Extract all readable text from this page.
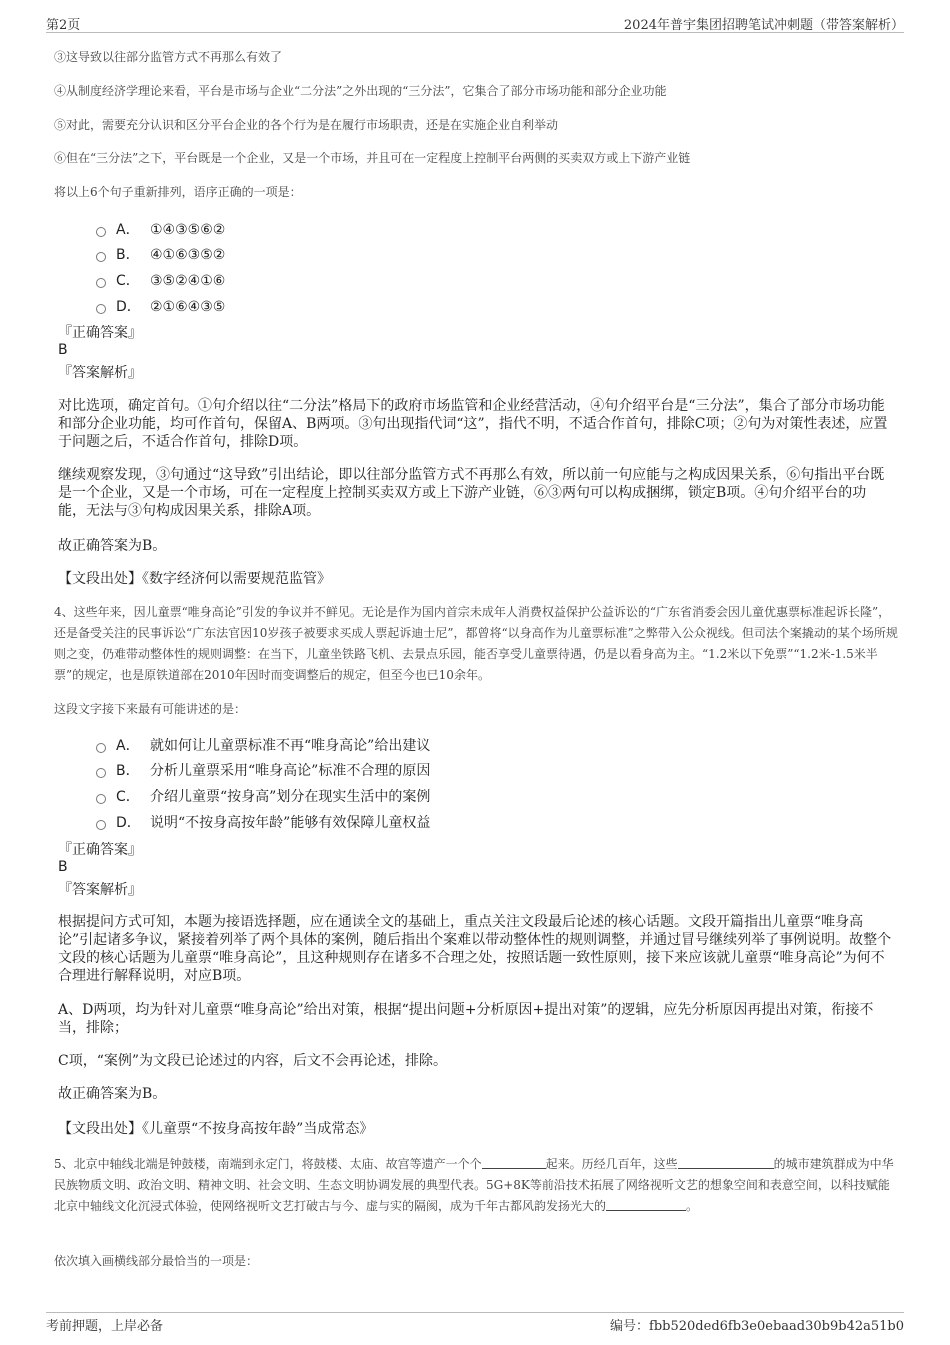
第2页	2024年普宇集团招聘笔试冲刺题（带答案解析）
③这导致以往部分监管方式不再那么有效了
④从制度经济学理论来看，平台是市场与企业“二分法”之外出现的“三分法”，它集合了部分市场功能和部分企业功能
⑤对此，需要充分认识和区分平台企业的各个行为是在履行市场职责，还是在实施企业自利举动
⑥但在“三分法”之下，平台既是一个企业，又是一个市场，并且可在一定程度上控制平台两侧的买卖双方或上下游产业链
将以上6个句子重新排列，语序正确的一项是：
A． ①④③⑤⑥②
B． ④①⑥③⑤②
C． ③⑤②④①⑥
D． ②①⑥④③⑤
『正确答案』
B
『答案解析』
对比选项，确定首句。①句介绍以往“二分法”格局下的政府市场监管和企业经营活动，④句介绍平台是“三分法”，集合了部分市场功能和部分企业功能，均可作首句，保留A、B两项。③句出现指代词“这”，指代不明，不适合作首句，排除C项；②句为对策性表述，应置于问题之后，不适合作首句，排除D项。
继续观察发现，③句通过“这导致”引出结论，即以往部分监管方式不再那么有效，所以前一句应能与之构成因果关系，⑥句指出平台既是一个企业，又是一个市场，可在一定程度上控制买卖双方或上下游产业链，⑥③两句可以构成捆绑，锁定B项。④句介绍平台的功能，无法与③句构成因果关系，排除A项。
故正确答案为B。
【文段出处】《数字经济何以需要规范监管》
4、这些年来，因儿童票“唯身高论”引发的争议并不鲜见。无论是作为国内首宗未成年人消费权益保护公益诉讼的“广东省消委会因儿童优惠票标准起诉长隆”，还是备受关注的民事诉讼“广东法官因10岁孩子被要求买成人票起诉迪士尼”，都曾将“以身高作为儿童票标准”之弊带入公众视线。但司法个案撬动的某个场所规则之变，仍难带动整体性的规则调整：在当下，儿童坐铁路飞机、去景点乐园，能否享受儿童票待遇，仍是以看身高为主。“1.2米以下免票”“1.2米-1.5米半票”的规定，也是原铁道部在2010年因时而变调整后的规定，但至今也已10余年。
这段文字接下来最有可能讲述的是：
A． 就如何让儿童票标准不再“唯身高论”给出建议
B． 分析儿童票采用“唯身高论”标准不合理的原因
C． 介绍儿童票“按身高”划分在现实生活中的案例
D． 说明“不按身高按年龄”能够有效保障儿童权益
『正确答案』
B
『答案解析』
根据提问方式可知，本题为接语选择题，应在通读全文的基础上，重点关注文段最后论述的核心话题。文段开篇指出儿童票“唯身高论”引起诸多争议，紧接着列举了两个具体的案例，随后指出个案难以带动整体性的规则调整，并通过冒号继续列举了事例说明。故整个文段的核心话题为儿童票“唯身高论”，且这种规则存在诸多不合理之处，按照话题一致性原则，接下来应该就儿童票“唯身高论”为何不合理进行解释说明，对应B项。
A、D两项，均为针对儿童票“唯身高论”给出对策，根据“提出问题+分析原因+提出对策”的逻辑，应先分析原因再提出对策，衔接不当，排除；
C项，“案例”为文段已论述过的内容，后文不会再论述，排除。
故正确答案为B。
【文段出处】《儿童票“不按身高按年龄”当成常态》
5、北京中轴线北端是钟鼓楼，南端到永定门，将鼓楼、太庙、故宫等遗产一个个	起来。历经几百年，这些	的城市建筑群成为中华民族物质文明、政治文明、精神文明、社会文明、生态文明协调发展的典型代表。5G+8K等前沿技术拓展了网络视听文艺的想象空间和表意空间，以科技赋能北京中轴线文化沉浸式体验，使网络视听文艺打破古与今、虚与实的隔阂，成为千年古都风韵发扬光大的	。
依次填入画横线部分最恰当的一项是：
考前押题，上岸必备	编号：fbb520ded6fb3e0ebaad30b9b42a51b0
